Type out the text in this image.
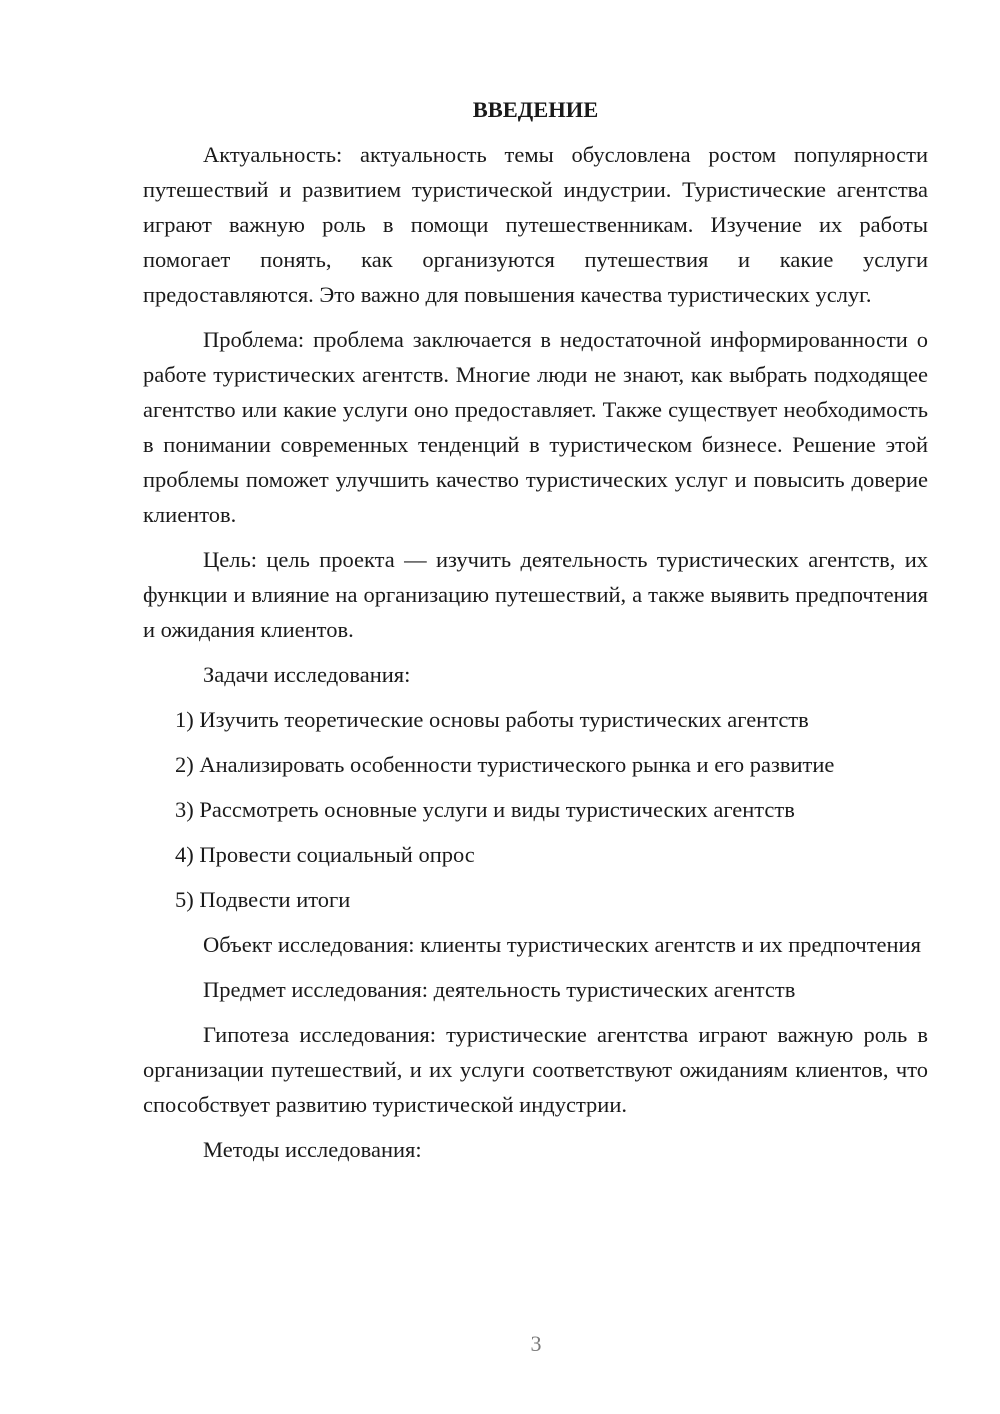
ВВЕДЕНИЕ

Актуальность: актуальность темы обусловлена ростом популярности путешествий и развитием туристической индустрии. Туристические агентства играют важную роль в помощи путешественникам. Изучение их работы помогает понять, как организуются путешествия и какие услуги предоставляются. Это важно для повышения качества туристических услуг.

Проблема: проблема заключается в недостаточной информированности о работе туристических агентств. Многие люди не знают, как выбрать подходящее агентство или какие услуги оно предоставляет. Также существует необходимость в понимании современных тенденций в туристическом бизнесе. Решение этой проблемы поможет улучшить качество туристических услуг и повысить доверие клиентов.

Цель: цель проекта — изучить деятельность туристических агентств, их функции и влияние на организацию путешествий, а также выявить предпочтения и ожидания клиентов.

Задачи исследования:

1) Изучить теоретические основы работы туристических агентств
2) Анализировать особенности туристического рынка и его развитие
3) Рассмотреть основные услуги и виды туристических агентств
4) Провести социальный опрос
5) Подвести итоги

Объект исследования: клиенты туристических агентств и их предпочтения

Предмет исследования: деятельность туристических агентств

Гипотеза исследования: туристические агентства играют важную роль в организации путешествий, и их услуги соответствуют ожиданиям клиентов, что способствует развитию туристической индустрии.

Методы исследования:

3
